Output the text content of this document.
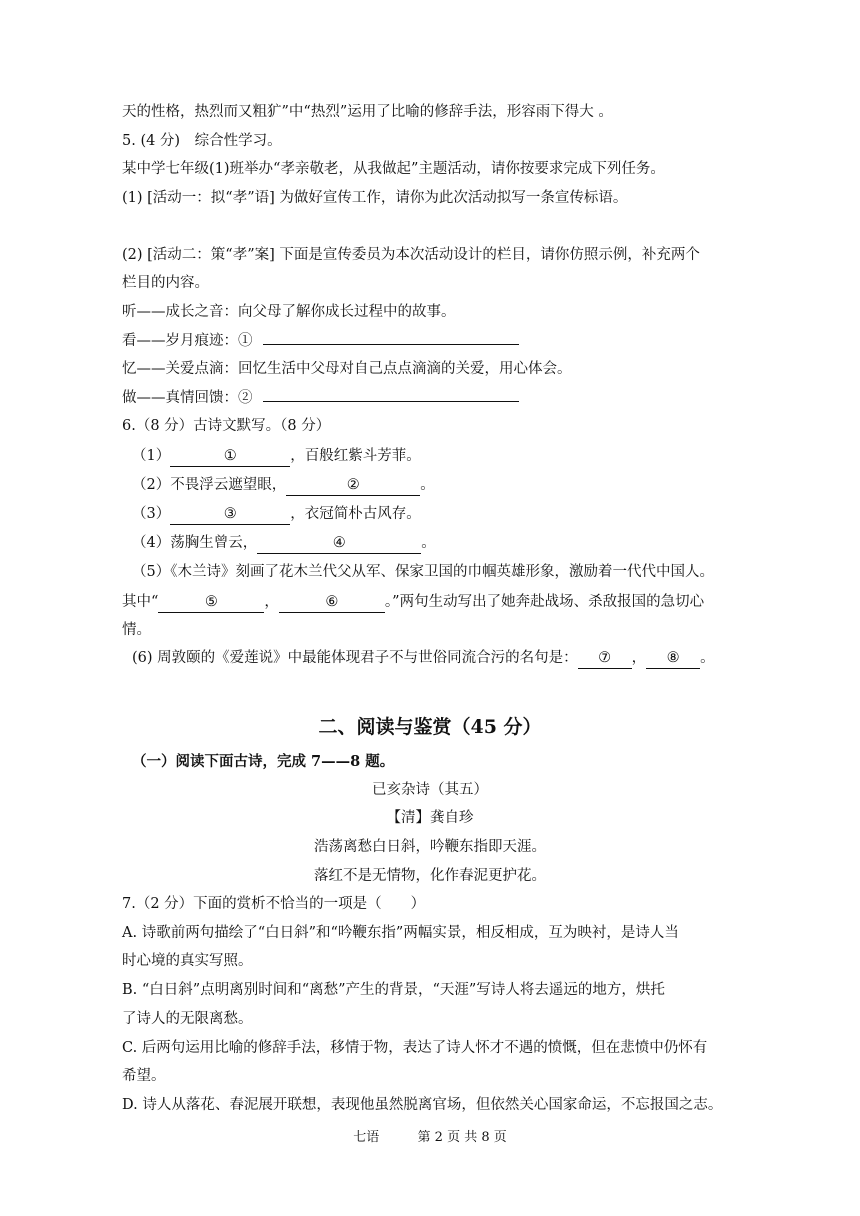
天的性格，热烈而又粗犷”中“热烈”运用了比喻的修辞手法，形容雨下得大 。
5. (4 分)　综合性学习。
某中学七年级(1)班举办“孝亲敬老，从我做起”主题活动，请你按要求完成下列任务。
(1) [活动一：拟“孝”语] 为做好宣传工作，请你为此次活动拟写一条宣传标语。
(2) [活动二：策“孝”案] 下面是宣传委员为本次活动设计的栏目，请你仿照示例，补充两个
栏目的内容。
听——成长之音：向父母了解你成长过程中的故事。
看——岁月痕迹：①
忆——关爱点滴：回忆生活中父母对自己点点滴滴的关爱，用心体会。
做——真情回馈：②
6.（8 分）古诗文默写。（8 分）
（1）	①	，百般红紫斗芳菲。
（2）不畏浮云遮望眼，	②	。
（3）	③	，衣冠简朴古风存。
（4）荡胸生曾云，	④	。
（5）《木兰诗》刻画了花木兰代父从军、保家卫国的巾帼英雄形象，激励着一代代中国人。
其中“	⑤	，	⑥	。”两句生动写出了她奔赴战场、杀敌报国的急切心
情。
(6) 周敦颐的《爱莲说》中最能体现君子不与世俗同流合污的名句是： ⑦ ， ⑧ 。
二、阅读与鉴赏（45 分）
（一）阅读下面古诗，完成 7——8 题。
已亥杂诗（其五）
【清】龚自珍
浩荡离愁白日斜，吟鞭东指即天涯。
落红不是无情物，化作春泥更护花。
7.（2 分）下面的赏析不恰当的一项是（　　）
A. 诗歌前两句描绘了“白日斜”和“吟鞭东指”两幅实景，相反相成，互为映衬，是诗人当
时心境的真实写照。
B. “白日斜”点明离别时间和“离愁”产生的背景，“天涯”写诗人将去遥远的地方，烘托
了诗人的无限离愁。
C. 后两句运用比喻的修辞手法，移情于物，表达了诗人怀才不遇的愤慨，但在悲愤中仍怀有
希望。
D. 诗人从落花、春泥展开联想，表现他虽然脱离官场，但依然关心国家命运，不忘报国之志。
七语	第 2 页 共 8 页
